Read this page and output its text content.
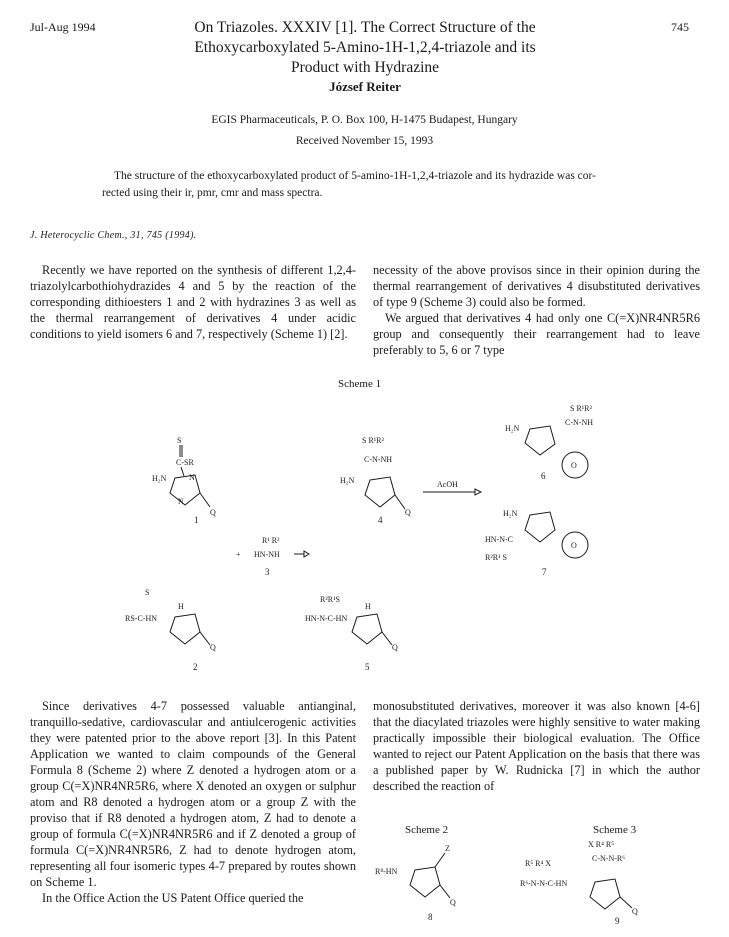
Jul-Aug 1994	745
On Triazoles. XXXIV [1]. The Correct Structure of the
Ethoxycarboxylated 5-Amino-1H-1,2,4-triazole and its
Product with Hydrazine
József Reiter
EGIS Pharmaceuticals, P. O. Box 100, H-1475 Budapest, Hungary
Received November 15, 1993
The structure of the ethoxycarboxylated product of 5-amino-1H-1,2,4-triazole and its hydrazide was cor-
rected using their ir, pmr, cmr and mass spectra.
J. Heterocyclic Chem., 31, 745 (1994).

Recently we have reported on the synthesis of different 1,2,4-triazolylcarbothiohydrazides 4 and 5 by the reaction of the corresponding dithioesters 1 and 2 with hydrazines 3 as well as the thermal rearrangement of derivatives 4 under acidic conditions to yield isomers 6 and 7, respectively (Scheme 1) [2].

necessity of the above provisos since in their opinion during the thermal rearrangement of derivatives 4 disubstituted derivatives of type 9 (Scheme 3) could also be formed.

We argued that derivatives 4 had only one C(=X)NR4NR5R6 group and consequently their rearrangement had to leave preferably to 5, 6 or 7 type

Scheme 1
S
C-SR
H₂N	N
N
Q
1
R¹ R²
HN-NH
+
3
S R¹R²
C-N-NH
H₂N
Q
4
AcOH
S R¹R²
C-N-NH
H₂N
O
6
H₂N
HN-N-C
R²R¹ S
O
7
S
RS-C-HN
H
Q
2
R²R¹S
HN-N-C-HN
H
Q
5

Since derivatives 4-7 possessed valuable antianginal, tranquillo-sedative, cardiovascular and antiulcerogenic activities they were patented prior to the above report [3]. In this Patent Application we wanted to claim compounds of the General Formula 8 (Scheme 2) where Z denoted a hydrogen atom or a group C(=X)NR4NR5R6, where X denoted an oxygen or sulphur atom and R8 denoted a hydrogen atom or a group Z with the proviso that if R8 denoted a hydrogen atom, Z had to denote a group of formula C(=X)NR4NR5R6 and if Z denoted a group of formula C(=X)NR4NR5R6, Z had to denote hydrogen atom, representing all four isomeric types 4-7 prepared by routes shown on Scheme 1.

In the Office Action the US Patent Office queried the

monosubstituted derivatives, moreover it was also known [4-6] that the diacylated triazoles were highly sensitive to water making practically impossible their biological evaluation. The Office wanted to reject our Patent Application on the basis that there was a published paper by W. Rudnicka [7] in which the author described the reaction of

Scheme 2	Scheme 3
R⁸-HN
Z
Q
8
X R⁴ R⁵
C-N-N-R⁶
R⁵ R⁴ X
R⁶-N-N-C-HN
Q
9
